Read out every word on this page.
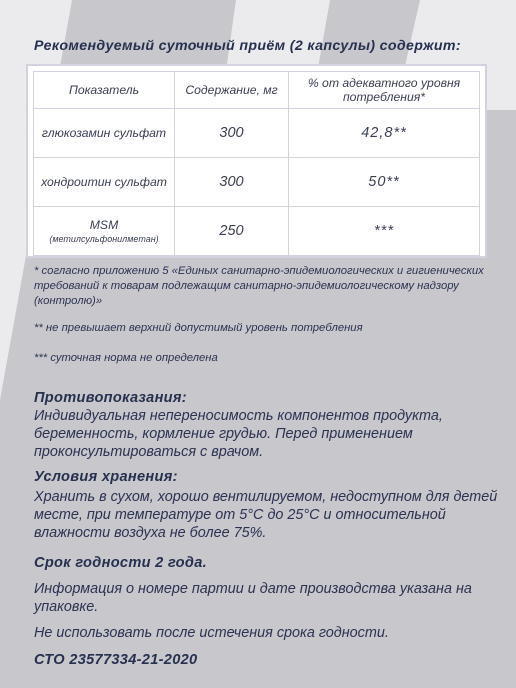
Рекомендуемый суточный приём (2 капсулы) содержит:
Показатель	Содержание, мг	% от адекватного уровня потребления*
глюкозамин сульфат	300	42,8**
хондроитин сульфат	300	50**
MSM
(метилсульфонилметан)	250	***
* согласно приложению 5 «Единых санитарно-эпидемиологических и гигиенических требований к товарам подлежащим санитарно-эпидемиологическому надзору (контролю)»
** не превышает верхний допустимый уровень потребления
*** суточная норма не определена
Противопоказания:
Индивидуальная непереносимость компонентов продукта, беременность, кормление грудью. Перед применением проконсультироваться с врачом.
Условия хранения:
Хранить в сухом, хорошо вентилируемом, недоступном для детей месте, при температуре от 5°С до 25°С и относительной влажности воздуха не более 75%.
Срок годности 2 года.
Информация о номере партии и дате производства указана на упаковке.
Не использовать после истечения срока годности.
СТО 23577334-21-2020
